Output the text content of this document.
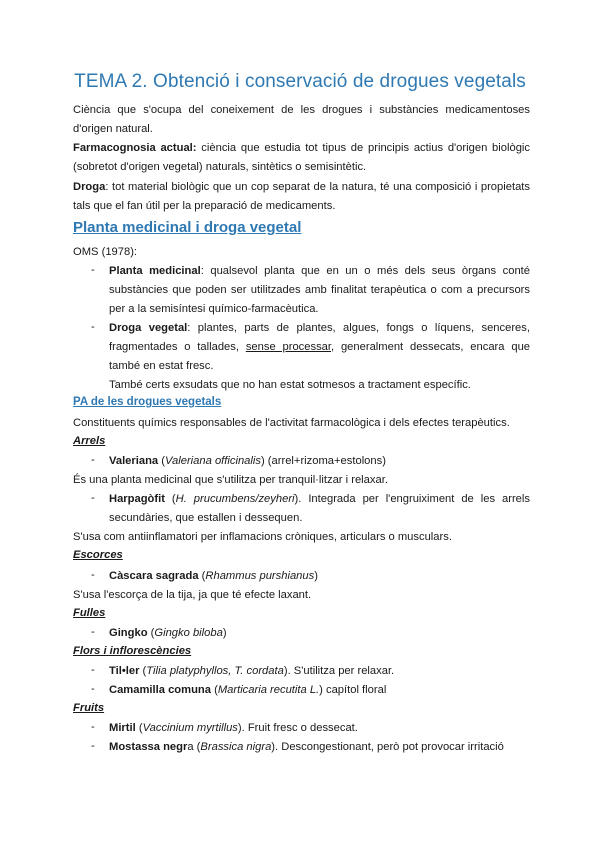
TEMA 2. Obtenció i conservació de drogues vegetals
Ciència que s'ocupa del coneixement de les drogues i substàncies medicamentoses
d'origen natural.
Farmacognosia actual: ciència que estudia tot tipus de principis actius d'origen biològic
(sobretot d'origen vegetal) naturals, sintètics o semisintètic.
Droga: tot material biològic que un cop separat de la natura, té una composició i propietats
tals que el fan útil per la preparació de medicaments.
Planta medicinal i droga vegetal
OMS (1978):
- Planta medicinal: qualsevol planta que en un o més dels seus òrgans conté
substàncies que poden ser utilitzades amb finalitat terapèutica o com a precursors
per a la semisíntesi químico-farmacèutica.
- Droga vegetal: plantes, parts de plantes, algues, fongs o líquens, senceres,
fragmentades o tallades, sense processar, generalment dessecats, encara que
també en estat fresc.
També certs exsudats que no han estat sotmesos a tractament específic.
PA de les drogues vegetals
Constituents químics responsables de l'activitat farmacològica i dels efectes terapèutics.
Arrels
- Valeriana (Valeriana officinalis) (arrel+rizoma+estolons)
És una planta medicinal que s'utilitza per tranquil·litzar i relaxar.
- Harpagòfit (H. prucumbens/zeyheri). Integrada per l'engruiximent de les arrels
secundàries, que estallen i dessequen.
S'usa com antiinflamatori per inflamacions cròniques, articulars o musculars.
Escorces
- Càscara sagrada (Rhammus purshianus)
S'usa l'escorça de la tija, ja que té efecte laxant.
Fulles
- Gingko (Gingko biloba)
Flors i inflorescències
- Til•ler (Tilia platyphyllos, T. cordata). S'utilitza per relaxar.
- Camamilla comuna (Marticaria recutita L.) capítol floral
Fruits
- Mirtil (Vaccinium myrtillus). Fruit fresc o dessecat.
- Mostassa negra (Brassica nigra). Descongestionant, però pot provocar irritació
